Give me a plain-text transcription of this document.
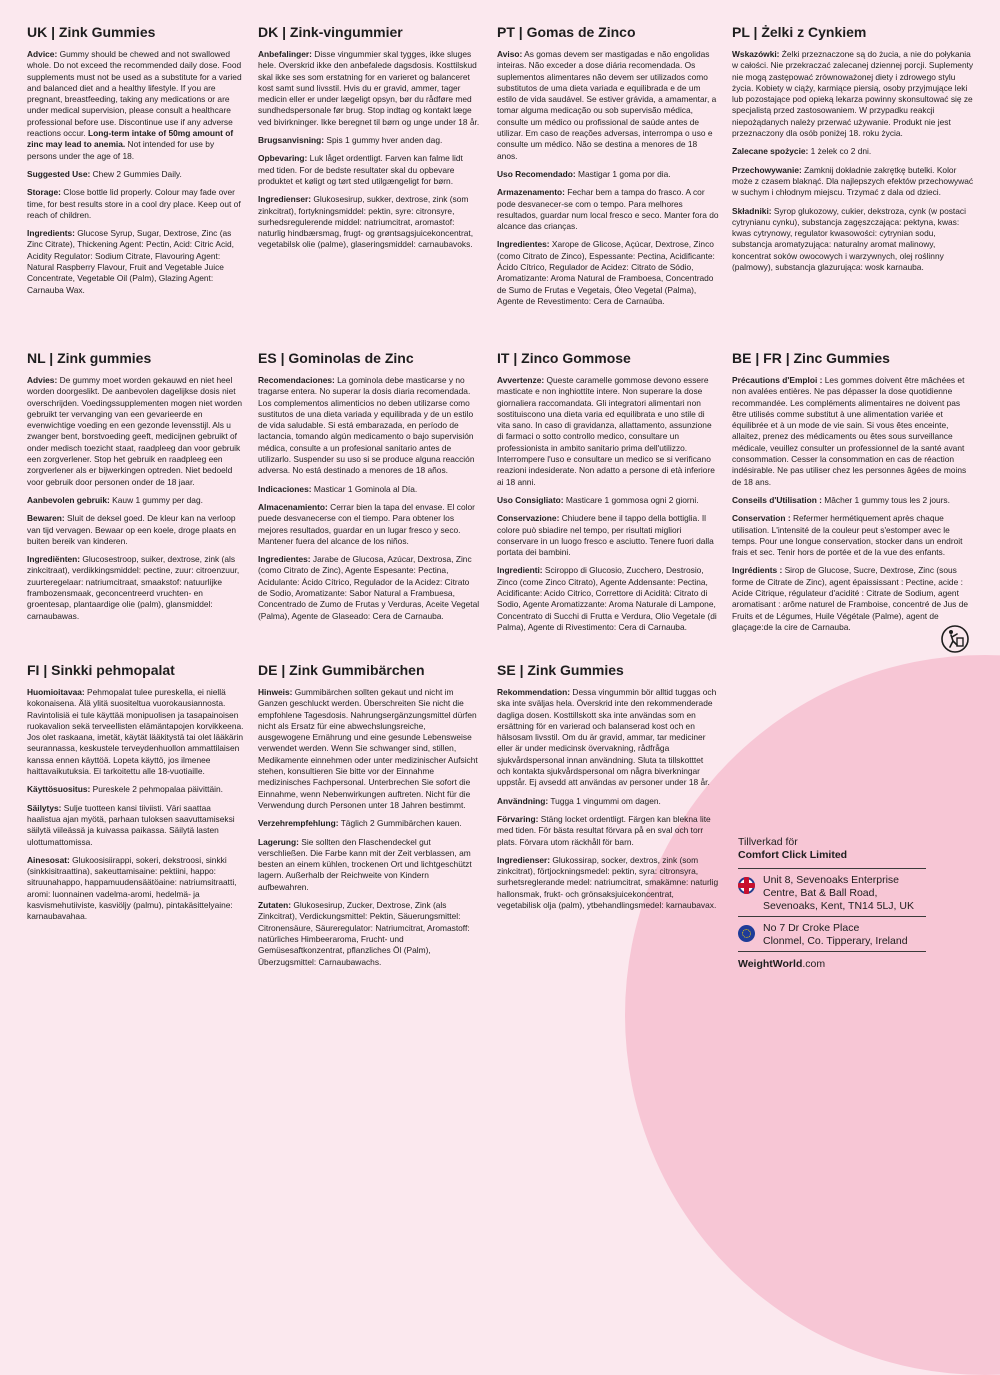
UK | Zink Gummies

Advice: Gummy should be chewed and not swallowed whole. Do not exceed the recommended daily dose. Food supplements must not be used as a substitute for a varied and balanced diet and a healthy lifestyle. If you are pregnant, breastfeeding, taking any medications or are under medical supervision, please consult a healthcare professional before use. Discontinue use if any adverse reactions occur. Long-term intake of 50mg amount of zinc may lead to anemia. Not intended for use by persons under the age of 18.

Suggested Use: Chew 2 Gummies Daily.

Storage: Close bottle lid properly. Colour may fade over time, for best results store in a cool dry place. Keep out of reach of children.

Ingredients: Glucose Syrup, Sugar, Dextrose, Zinc (as Zinc Citrate), Thickening Agent: Pectin, Acid: Citric Acid, Acidity Regulator: Sodium Citrate, Flavouring Agent: Natural Raspberry Flavour, Fruit and Vegetable Juice Concentrate, Vegetable Oil (Palm), Glazing Agent: Carnauba Wax.

DK | Zink-vingummier

Anbefalinger: Disse vingummier skal tygges, ikke sluges hele. Overskrid ikke den anbefalede dagsdosis. Kosttilskud skal ikke ses som erstatning for en varieret og balanceret kost samt sund livsstil. Hvis du er gravid, ammer, tager medicin eller er under lægeligt opsyn, bør du rådføre med sundhedspersonale før brug. Stop indtag og kontakt læge ved bivirkninger. Ikke beregnet til børn og unge under 18 år.

Brugsanvisning: Spis 1 gummy hver anden dag.

Opbevaring: Luk låget ordentligt. Farven kan falme lidt med tiden. For de bedste resultater skal du opbevare produktet et køligt og tørt sted utilgængeligt for børn.

Ingredienser: Glukosesirup, sukker, dextrose, zink (som zinkcitrat), fortykningsmiddel: pektin, syre: citronsyre, surhedsregulerende middel: natriumcitrat, aromastof: naturlig hindbærsmag, frugt- og grøntsagsjuicekoncentrat, vegetabilsk olie (palme), glaseringsmiddel: carnaubavoks.

PT | Gomas de Zinco

Aviso: As gomas devem ser mastigadas e não engolidas inteiras. Não exceder a dose diária recomendada. Os suplementos alimentares não devem ser utilizados como substitutos de uma dieta variada e equilibrada e de um estilo de vida saudável. Se estiver grávida, a amamentar, a tomar alguma medicação ou sob supervisão médica, consulte um médico ou profissional de saúde antes de utilizar. Em caso de reações adversas, interrompa o uso e consulte um médico. Não se destina a menores de 18 anos.

Uso Recomendado: Mastigar 1 goma por dia.

Armazenamento: Fechar bem a tampa do frasco. A cor pode desvanecer-se com o tempo. Para melhores resultados, guardar num local fresco e seco. Manter fora do alcance das crianças.

Ingredientes: Xarope de Glicose, Açúcar, Dextrose, Zinco (como Citrato de Zinco), Espessante: Pectina, Acidificante: Ácido Cítrico, Regulador de Acidez: Citrato de Sódio, Aromatizante: Aroma Natural de Framboesa, Concentrado de Sumo de Frutas e Vegetais, Óleo Vegetal (Palma), Agente de Revestimento: Cera de Carnaúba.

PL | Żelki z Cynkiem

Wskazówki: Żelki przeznaczone są do żucia, a nie do połykania w całości. Nie przekraczać zalecanej dziennej porcji. Suplementy nie mogą zastępować zrównoważonej diety i zdrowego stylu życia. Kobiety w ciąży, karmiące piersią, osoby przyjmujące leki lub pozostające pod opieką lekarza powinny skonsultować się ze specjalistą przed zastosowaniem. W przypadku reakcji niepożądanych należy przerwać używanie. Produkt nie jest przeznaczony dla osób poniżej 18. roku życia.

Zalecane spożycie: 1 żelek co 2 dni.

Przechowywanie: Zamknij dokładnie zakrętkę butelki. Kolor może z czasem blaknąć. Dla najlepszych efektów przechowywać w suchym i chłodnym miejscu. Trzymać z dala od dzieci.

Składniki: Syrop glukozowy, cukier, dekstroza, cynk (w postaci cytrynianu cynku), substancja zagęszczająca: pektyna, kwas: kwas cytrynowy, regulator kwasowości: cytrynian sodu, substancja aromatyzująca: naturalny aromat malinowy, koncentrat soków owocowych i warzywnych, olej roślinny (palmowy), substancja glazurująca: wosk karnauba.

NL | Zink gummies

Advies: De gummy moet worden gekauwd en niet heel worden doorgeslikt. De aanbevolen dagelijkse dosis niet overschrijden. Voedingssupplementen mogen niet worden gebruikt ter vervanging van een gevarieerde en evenwichtige voeding en een gezonde levensstijl. Als u zwanger bent, borstvoeding geeft, medicijnen gebruikt of onder medisch toezicht staat, raadpleeg dan voor gebruik een zorgverlener. Stop het gebruik en raadpleeg een zorgverlener als er bijwerkingen optreden. Niet bedoeld voor gebruik door personen onder de 18 jaar.

Aanbevolen gebruik: Kauw 1 gummy per dag.

Bewaren: Sluit de deksel goed. De kleur kan na verloop van tijd vervagen. Bewaar op een koele, droge plaats en buiten bereik van kinderen.

Ingrediënten: Glucosestroop, suiker, dextrose, zink (als zinkcitraat), verdikkingsmiddel: pectine, zuur: citroenzuur, zuurteregelaar: natriumcitraat, smaakstof: natuurlijke frambozensmaak, geconcentreerd vruchten- en groentesap, plantaardige olie (palm), glansmiddel: carnaubawas.

ES | Gominolas de Zinc

Recomendaciones: La gominola debe masticarse y no tragarse entera. No superar la dosis diaria recomendada. Los complementos alimenticios no deben utilizarse como sustitutos de una dieta variada y equilibrada y de un estilo de vida saludable. Si está embarazada, en período de lactancia, tomando algún medicamento o bajo supervisión médica, consulte a un profesional sanitario antes de utilizarlo. Suspender su uso si se produce alguna reacción adversa. No está destinado a menores de 18 años.

Indicaciones: Masticar 1 Gominola al Día.

Almacenamiento: Cerrar bien la tapa del envase. El color puede desvanecerse con el tiempo. Para obtener los mejores resultados, guardar en un lugar fresco y seco. Mantener fuera del alcance de los niños.

Ingredientes: Jarabe de Glucosa, Azúcar, Dextrosa, Zinc (como Citrato de Zinc), Agente Espesante: Pectina, Acidulante: Ácido Cítrico, Regulador de la Acidez: Citrato de Sodio, Aromatizante: Sabor Natural a Frambuesa, Concentrado de Zumo de Frutas y Verduras, Aceite Vegetal (Palma), Agente de Glaseado: Cera de Carnauba.

IT | Zinco Gommose

Avvertenze: Queste caramelle gommose devono essere masticate e non inghiottite intere. Non superare la dose giornaliera raccomandata. Gli integratori alimentari non sostituiscono una dieta varia ed equilibrata e uno stile di vita sano. In caso di gravidanza, allattamento, assunzione di farmaci o sotto controllo medico, consultare un professionista in ambito sanitario prima dell'utilizzo. Interrompere l'uso e consultare un medico se si verificano reazioni indesiderate. Non adatto a persone di età inferiore ai 18 anni.

Uso Consigliato: Masticare 1 gommosa ogni 2 giorni.

Conservazione: Chiudere bene il tappo della bottiglia. Il colore può sbiadire nel tempo, per risultati migliori conservare in un luogo fresco e asciutto. Tenere fuori dalla portata dei bambini.

Ingredienti: Sciroppo di Glucosio, Zucchero, Destrosio, Zinco (come Zinco Citrato), Agente Addensante: Pectina, Acidificante: Acido Citrico, Correttore di Acidità: Citrato di Sodio, Agente Aromatizzante: Aroma Naturale di Lampone, Concentrato di Succhi di Frutta e Verdura, Olio Vegetale (di Palma), Agente di Rivestimento: Cera di Carnauba.

BE | FR | Zinc Gummies

Précautions d'Emploi : Les gommes doivent être mâchées et non avalées entières. Ne pas dépasser la dose quotidienne recommandée. Les compléments alimentaires ne doivent pas être utilisés comme substitut à une alimentation variée et équilibrée et à un mode de vie sain. Si vous êtes enceinte, allaitez, prenez des médicaments ou êtes sous surveillance médicale, veuillez consulter un professionnel de la santé avant consommation. Cesser la consommation en cas de réaction indésirable. Ne pas utiliser chez les personnes âgées de moins de 18 ans.

Conseils d'Utilisation : Mâcher 1 gummy tous les 2 jours.

Conservation : Refermer hermétiquement après chaque utilisation. L'intensité de la couleur peut s'estomper avec le temps. Pour une longue conservation, stocker dans un endroit frais et sec. Tenir hors de portée et de la vue des enfants.

Ingrédients : Sirop de Glucose, Sucre, Dextrose, Zinc (sous forme de Citrate de Zinc), agent épaississant : Pectine, acide : Acide Citrique, régulateur d'acidité : Citrate de Sodium, agent aromatisant : arôme naturel de Framboise, concentré de Jus de Fruits et de Légumes, Huile Végétale (Palme), agent de glaçage:de la cire de Carnauba.

FI | Sinkki pehmopalat

Huomioitavaa: Pehmopalat tulee pureskella, ei niellä kokonaisena. Älä ylitä suositeltua vuorokausiannosta. Ravintolisiä ei tule käyttää monipuolisen ja tasapainoisen ruokavalion sekä terveellisten elämäntapojen korvikkeena. Jos olet raskaana, imetät, käytät lääkitystä tai olet lääkärin seurannassa, keskustele terveydenhuollon ammattilaisen kanssa ennen käyttöä. Lopeta käyttö, jos ilmenee haittavaikutuksia. Ei tarkoitettu alle 18-vuotiaille.

Käyttösuositus: Pureskele 2 pehmopalaa päivittäin.

Säilytys: Sulje tuotteen kansi tiiviisti. Väri saattaa haalistua ajan myötä, parhaan tuloksen saavuttamiseksi säilytä viileässä ja kuivassa paikassa. Säilytä lasten ulottumattomissa.

Ainesosat: Glukoosisiirappi, sokeri, dekstroosi, sinkki (sinkkisitraattina), sakeuttamisaine: pektiini, happo: sitruunahappo, happamuudensäätöaine: natriumsitraatti, aromi: luonnainen vadelma-aromi, hedelmä- ja kasvismehutiiviste, kasviöljy (palmu), pintakäsittelyaine: karnaubavahaa.

DE | Zink Gummibärchen

Hinweis: Gummibärchen sollten gekaut und nicht im Ganzen geschluckt werden. Überschreiten Sie nicht die empfohlene Tagesdosis. Nahrungsergänzungsmittel dürfen nicht als Ersatz für eine abwechslungsreiche, ausgewogene Ernährung und eine gesunde Lebensweise verwendet werden. Wenn Sie schwanger sind, stillen, Medikamente einnehmen oder unter medizinischer Aufsicht stehen, konsultieren Sie bitte vor der Einnahme medizinisches Fachpersonal. Unterbrechen Sie sofort die Einnahme, wenn Nebenwirkungen auftreten. Nicht für die Verwendung durch Personen unter 18 Jahren bestimmt.

Verzehrempfehlung: Täglich 2 Gummibärchen kauen.

Lagerung: Sie sollten den Flaschendeckel gut verschließen. Die Farbe kann mit der Zeit verblassen, am besten an einem kühlen, trockenen Ort und lichtgeschützt lagern. Außerhalb der Reichweite von Kindern aufbewahren.

Zutaten: Glukosesirup, Zucker, Dextrose, Zink (als Zinkcitrat), Verdickungsmittel: Pektin, Säuerungsmittel: Citronensäure, Säureregulator: Natriumcitrat, Aromastoff: natürliches Himbeeraroma, Frucht- und Gemüsesaftkonzentrat, pflanzliches Öl (Palm), Überzugsmittel: Carnaubawachs.

SE | Zink Gummies

Rekommendation: Dessa vingummin bör alltid tuggas och ska inte sväljas hela. Överskrid inte den rekommenderade dagliga dosen. Kosttillskott ska inte användas som en ersättning för en varierad och balanserad kost och en hälsosam livsstil. Om du är gravid, ammar, tar mediciner eller är under medicinsk övervakning, rådfråga sjukvårdspersonal innan användning. Sluta ta tillskotttet och kontakta sjukvårdspersonal om några biverkningar uppstår. Ej avsedd att användas av personer under 18 år.

Användning: Tugga 1 vingummi om dagen.

Förvaring: Stäng locket ordentligt. Färgen kan blekna lite med tiden. För bästa resultat förvara på en sval och torr plats. Förvara utom räckhåll för barn.

Ingredienser: Glukossirap, socker, dextros, zink (som zinkcitrat), förtjockningsmedel: pektin, syra: citronsyra, surhetsreglerande medel: natriumcitrat, smakämne: naturlig hallonsmak, frukt- och grönsaksjuicekoncentrat, vegetabilisk olja (palm), ytbehandlingsmedel: karnaubavax.

Tillverkad för

Comfort Click Limited

Unit 8, Sevenoaks Enterprise
Centre, Bat & Ball Road,
Sevenoaks, Kent, TN14 5LJ, UK
No 7 Dr Croke Place
Clonmel, Co. Tipperary, Ireland
WeightWorld.com
